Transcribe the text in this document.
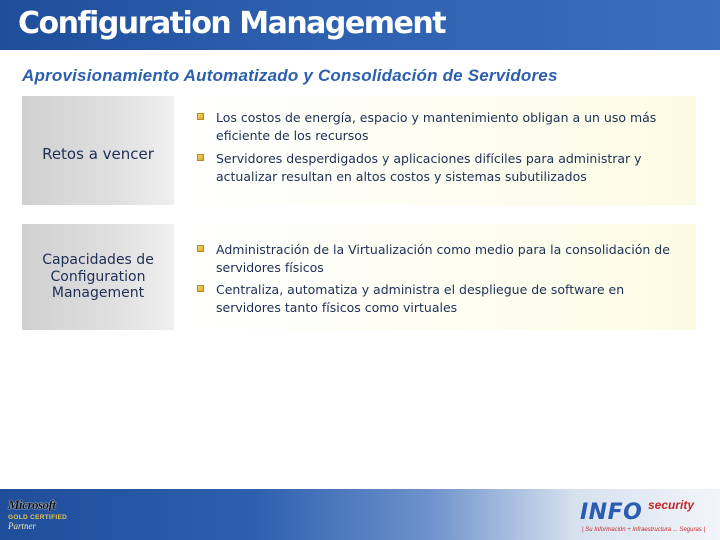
Configuration Management
Aprovisionamiento Automatizado y Consolidación de Servidores
Retos a vencer
Los costos de energía, espacio y mantenimiento obligan a un uso más eficiente de los recursos
Servidores desperdigados y aplicaciones difíciles para administrar y actualizar resultan en altos costos y sistemas subutilizados
Capacidades de Configuration Management
Administración de la Virtualización como medio para la consolidación de servidores físicos
Centraliza, automatiza y administra el despliegue de software en servidores tanto físicos como virtuales
Microsoft
GOLD CERTIFIED
Partner
INFO security
| Su Información + Infraestructura ... Seguras |
